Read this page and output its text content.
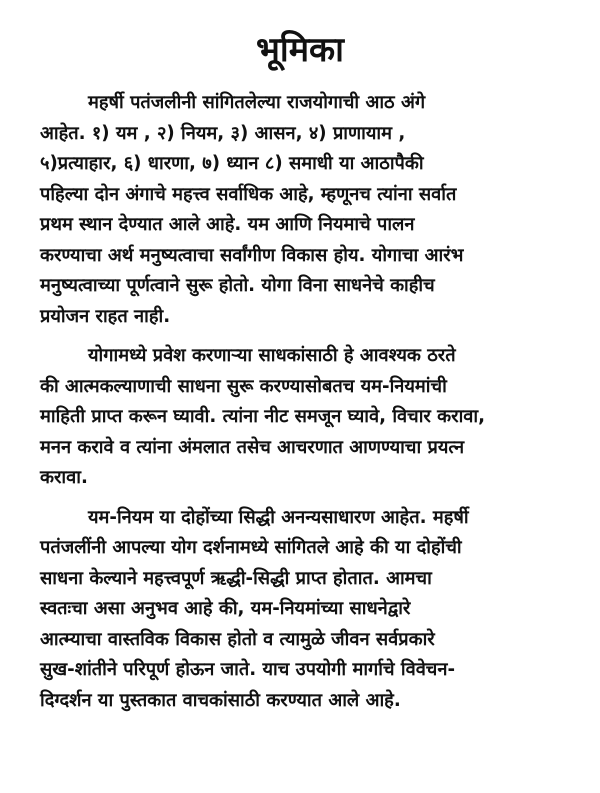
भूमिका
महर्षी पतंजलीनी सांगितलेल्या राजयोगाची आठ अंगे
आहेत. १) यम , २) नियम, ३) आसन, ४) प्राणायाम ,
५)प्रत्याहार, ६) धारणा, ७) ध्यान ८) समाधी या आठापैकी
पहिल्या दोन अंगाचे महत्त्व सर्वाधिक आहे, म्हणूनच त्यांना सर्वात
प्रथम स्थान देण्यात आले आहे. यम आणि नियमाचे पालन
करण्याचा अर्थ मनुष्यत्वाचा सर्वांगीण विकास होय. योगाचा आरंभ
मनुष्यत्वाच्या पूर्णत्वाने सुरू होतो. योगा विना साधनेचे काहीच
प्रयोजन राहत नाही.
योगामध्ये प्रवेश करणाऱ्या साधकांसाठी हे आवश्यक ठरते
की आत्मकल्याणाची साधना सुरू करण्यासोबतच यम-नियमांची
माहिती प्राप्त करून घ्यावी. त्यांना नीट समजून घ्यावे, विचार करावा,
मनन करावे व त्यांना अंमलात तसेच आचरणात आणण्याचा प्रयत्न
करावा.
यम-नियम या दोहोंच्या सिद्धी अनन्यसाधारण आहेत. महर्षी
पतंजलींनी आपल्या योग दर्शनामध्ये सांगितले आहे की या दोहोंची
साधना केल्याने महत्त्वपूर्ण ऋद्धी-सिद्धी प्राप्त होतात. आमचा
स्वतःचा असा अनुभव आहे की, यम-नियमांच्या साधनेद्वारे
आत्म्याचा वास्तविक विकास होतो व त्यामुळे जीवन सर्वप्रकारे
सुख-शांतीने परिपूर्ण होऊन जाते. याच उपयोगी मार्गाचे विवेचन-
दिग्दर्शन या पुस्तकात वाचकांसाठी करण्यात आले आहे.
